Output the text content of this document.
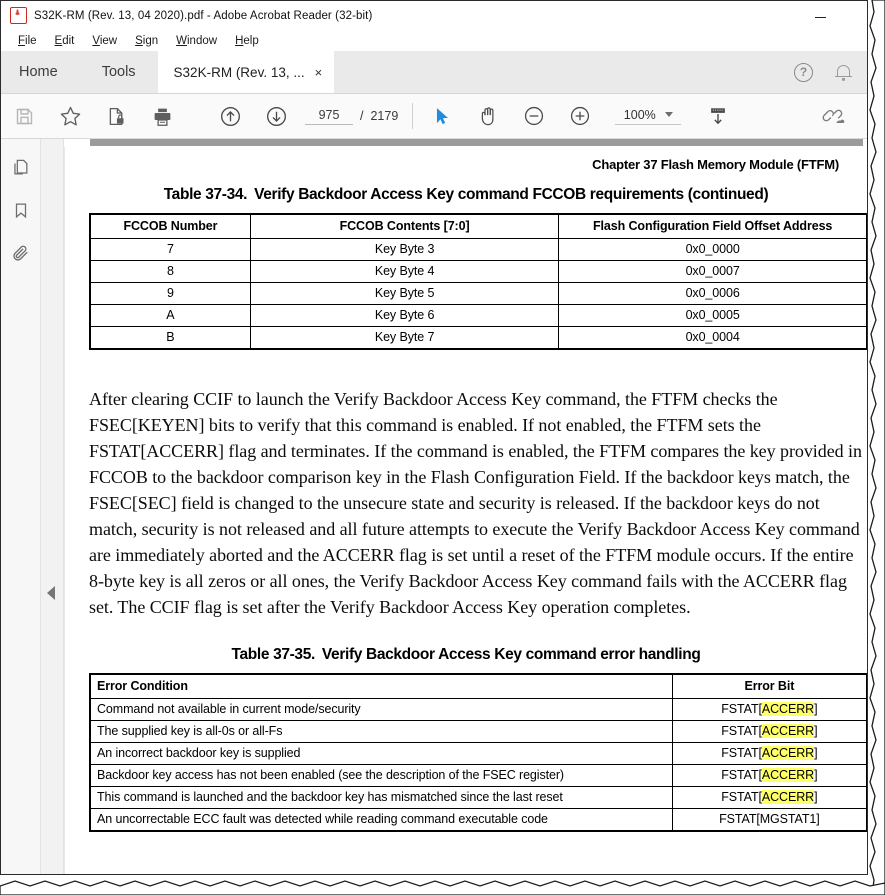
S32K-RM (Rev. 13, 04 2020).pdf - Adobe Acrobat Reader (32-bit)
File	Edit	View	Sign	Window	Help
Home	Tools	S32K-RM (Rev. 13, ... ×	?
975	/ 2179	100%
Chapter 37 Flash Memory Module (FTFM)
Table 37-34. Verify Backdoor Access Key command FCCOB requirements (continued)
FCCOB Number	FCCOB Contents [7:0]	Flash Configuration Field Offset Address
7	Key Byte 3	0x0_0000
8	Key Byte 4	0x0_0007
9	Key Byte 5	0x0_0006
A	Key Byte 6	0x0_0005
B	Key Byte 7	0x0_0004

After clearing CCIF to launch the Verify Backdoor Access Key command, the FTFM checks the FSEC[KEYEN] bits to verify that this command is enabled. If not enabled, the FTFM sets the FSTAT[ACCERR] flag and terminates. If the command is enabled, the FTFM compares the key provided in FCCOB to the backdoor comparison key in the Flash Configuration Field. If the backdoor keys match, the FSEC[SEC] field is changed to the unsecure state and security is released. If the backdoor keys do not match, security is not released and all future attempts to execute the Verify Backdoor Access Key command are immediately aborted and the ACCERR flag is set until a reset of the FTFM module occurs. If the entire 8-byte key is all zeros or all ones, the Verify Backdoor Access Key command fails with the ACCERR flag set. The CCIF flag is set after the Verify Backdoor Access Key operation completes.

Table 37-35. Verify Backdoor Access Key command error handling
Error Condition	Error Bit
Command not available in current mode/security	FSTAT[ACCERR]
The supplied key is all-0s or all-Fs	FSTAT[ACCERR]
An incorrect backdoor key is supplied	FSTAT[ACCERR]
Backdoor key access has not been enabled (see the description of the FSEC register)	FSTAT[ACCERR]
This command is launched and the backdoor key has mismatched since the last reset	FSTAT[ACCERR]
An uncorrectable ECC fault was detected while reading command executable code	FSTAT[MGSTAT1]
